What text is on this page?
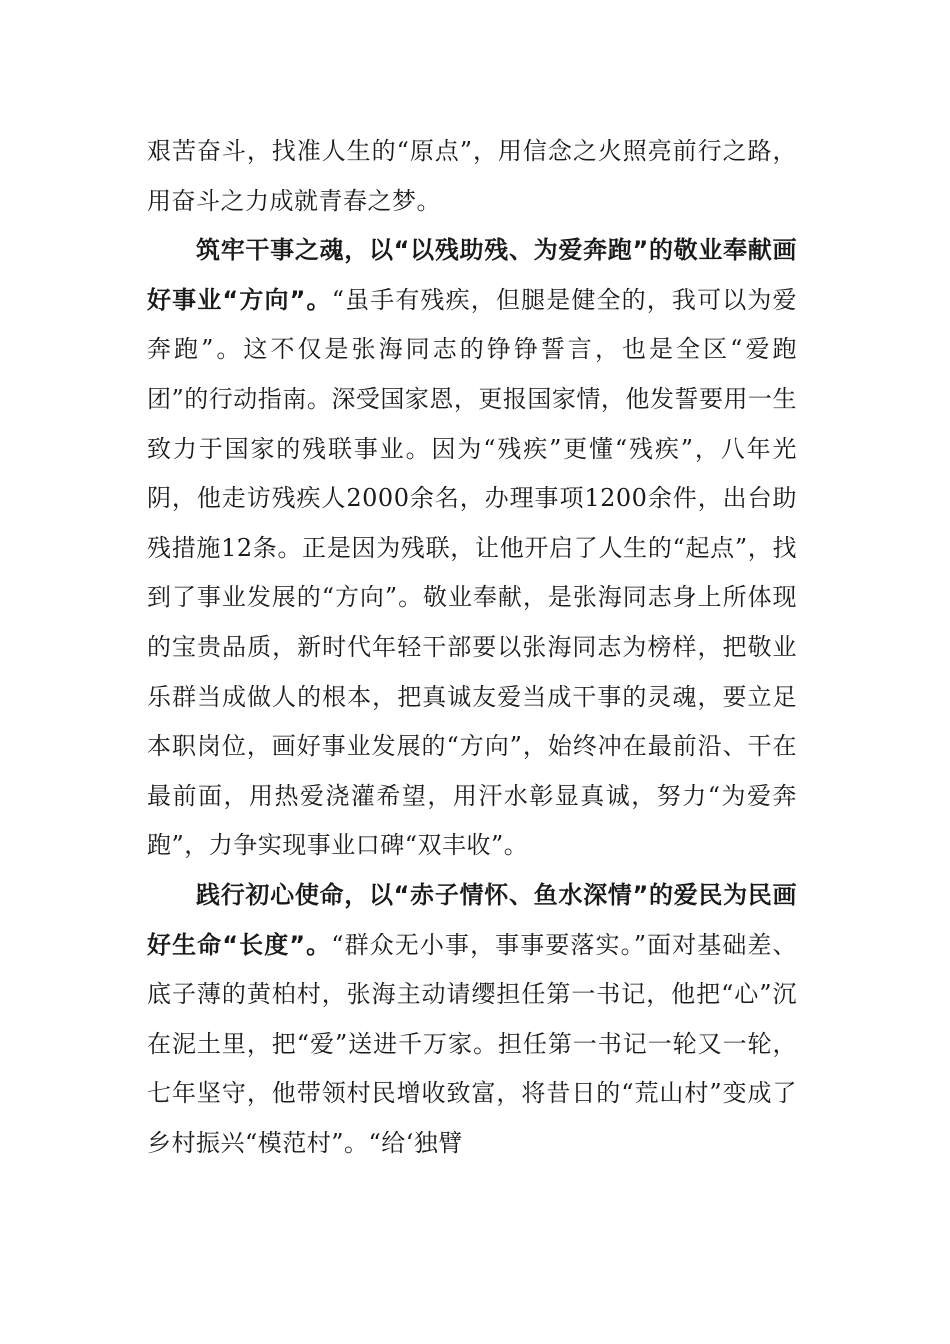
艰苦奋斗，找准人生的“原点”，用信念之火照亮前行之路，用奋斗之力成就青春之梦。

筑牢干事之魂，以“以残助残、为爱奔跑”的敬业奉献画好事业“方向”。“虽手有残疾，但腿是健全的，我可以为爱奔跑”。这不仅是张海同志的铮铮誓言，也是全区“爱跑团”的行动指南。深受国家恩，更报国家情，他发誓要用一生致力于国家的残联事业。因为“残疾”更懂“残疾”，八年光阴，他走访残疾人2000余名，办理事项1200余件，出台助残措施12条。正是因为残联，让他开启了人生的“起点”，找到了事业发展的“方向”。敬业奉献，是张海同志身上所体现的宝贵品质，新时代年轻干部要以张海同志为榜样，把敬业乐群当成做人的根本，把真诚友爱当成干事的灵魂，要立足本职岗位，画好事业发展的“方向”，始终冲在最前沿、干在最前面，用热爱浇灌希望，用汗水彰显真诚，努力“为爱奔跑”，力争实现事业口碑“双丰收”。

践行初心使命，以“赤子情怀、鱼水深情”的爱民为民画好生命“长度”。“群众无小事，事事要落实。”面对基础差、底子薄的黄柏村，张海主动请缨担任第一书记，他把“心”沉在泥土里，把“爱”送进千万家。担任第一书记一轮又一轮，七年坚守，他带领村民增收致富，将昔日的“荒山村”变成了乡村振兴“模范村”。“给‘独臂
